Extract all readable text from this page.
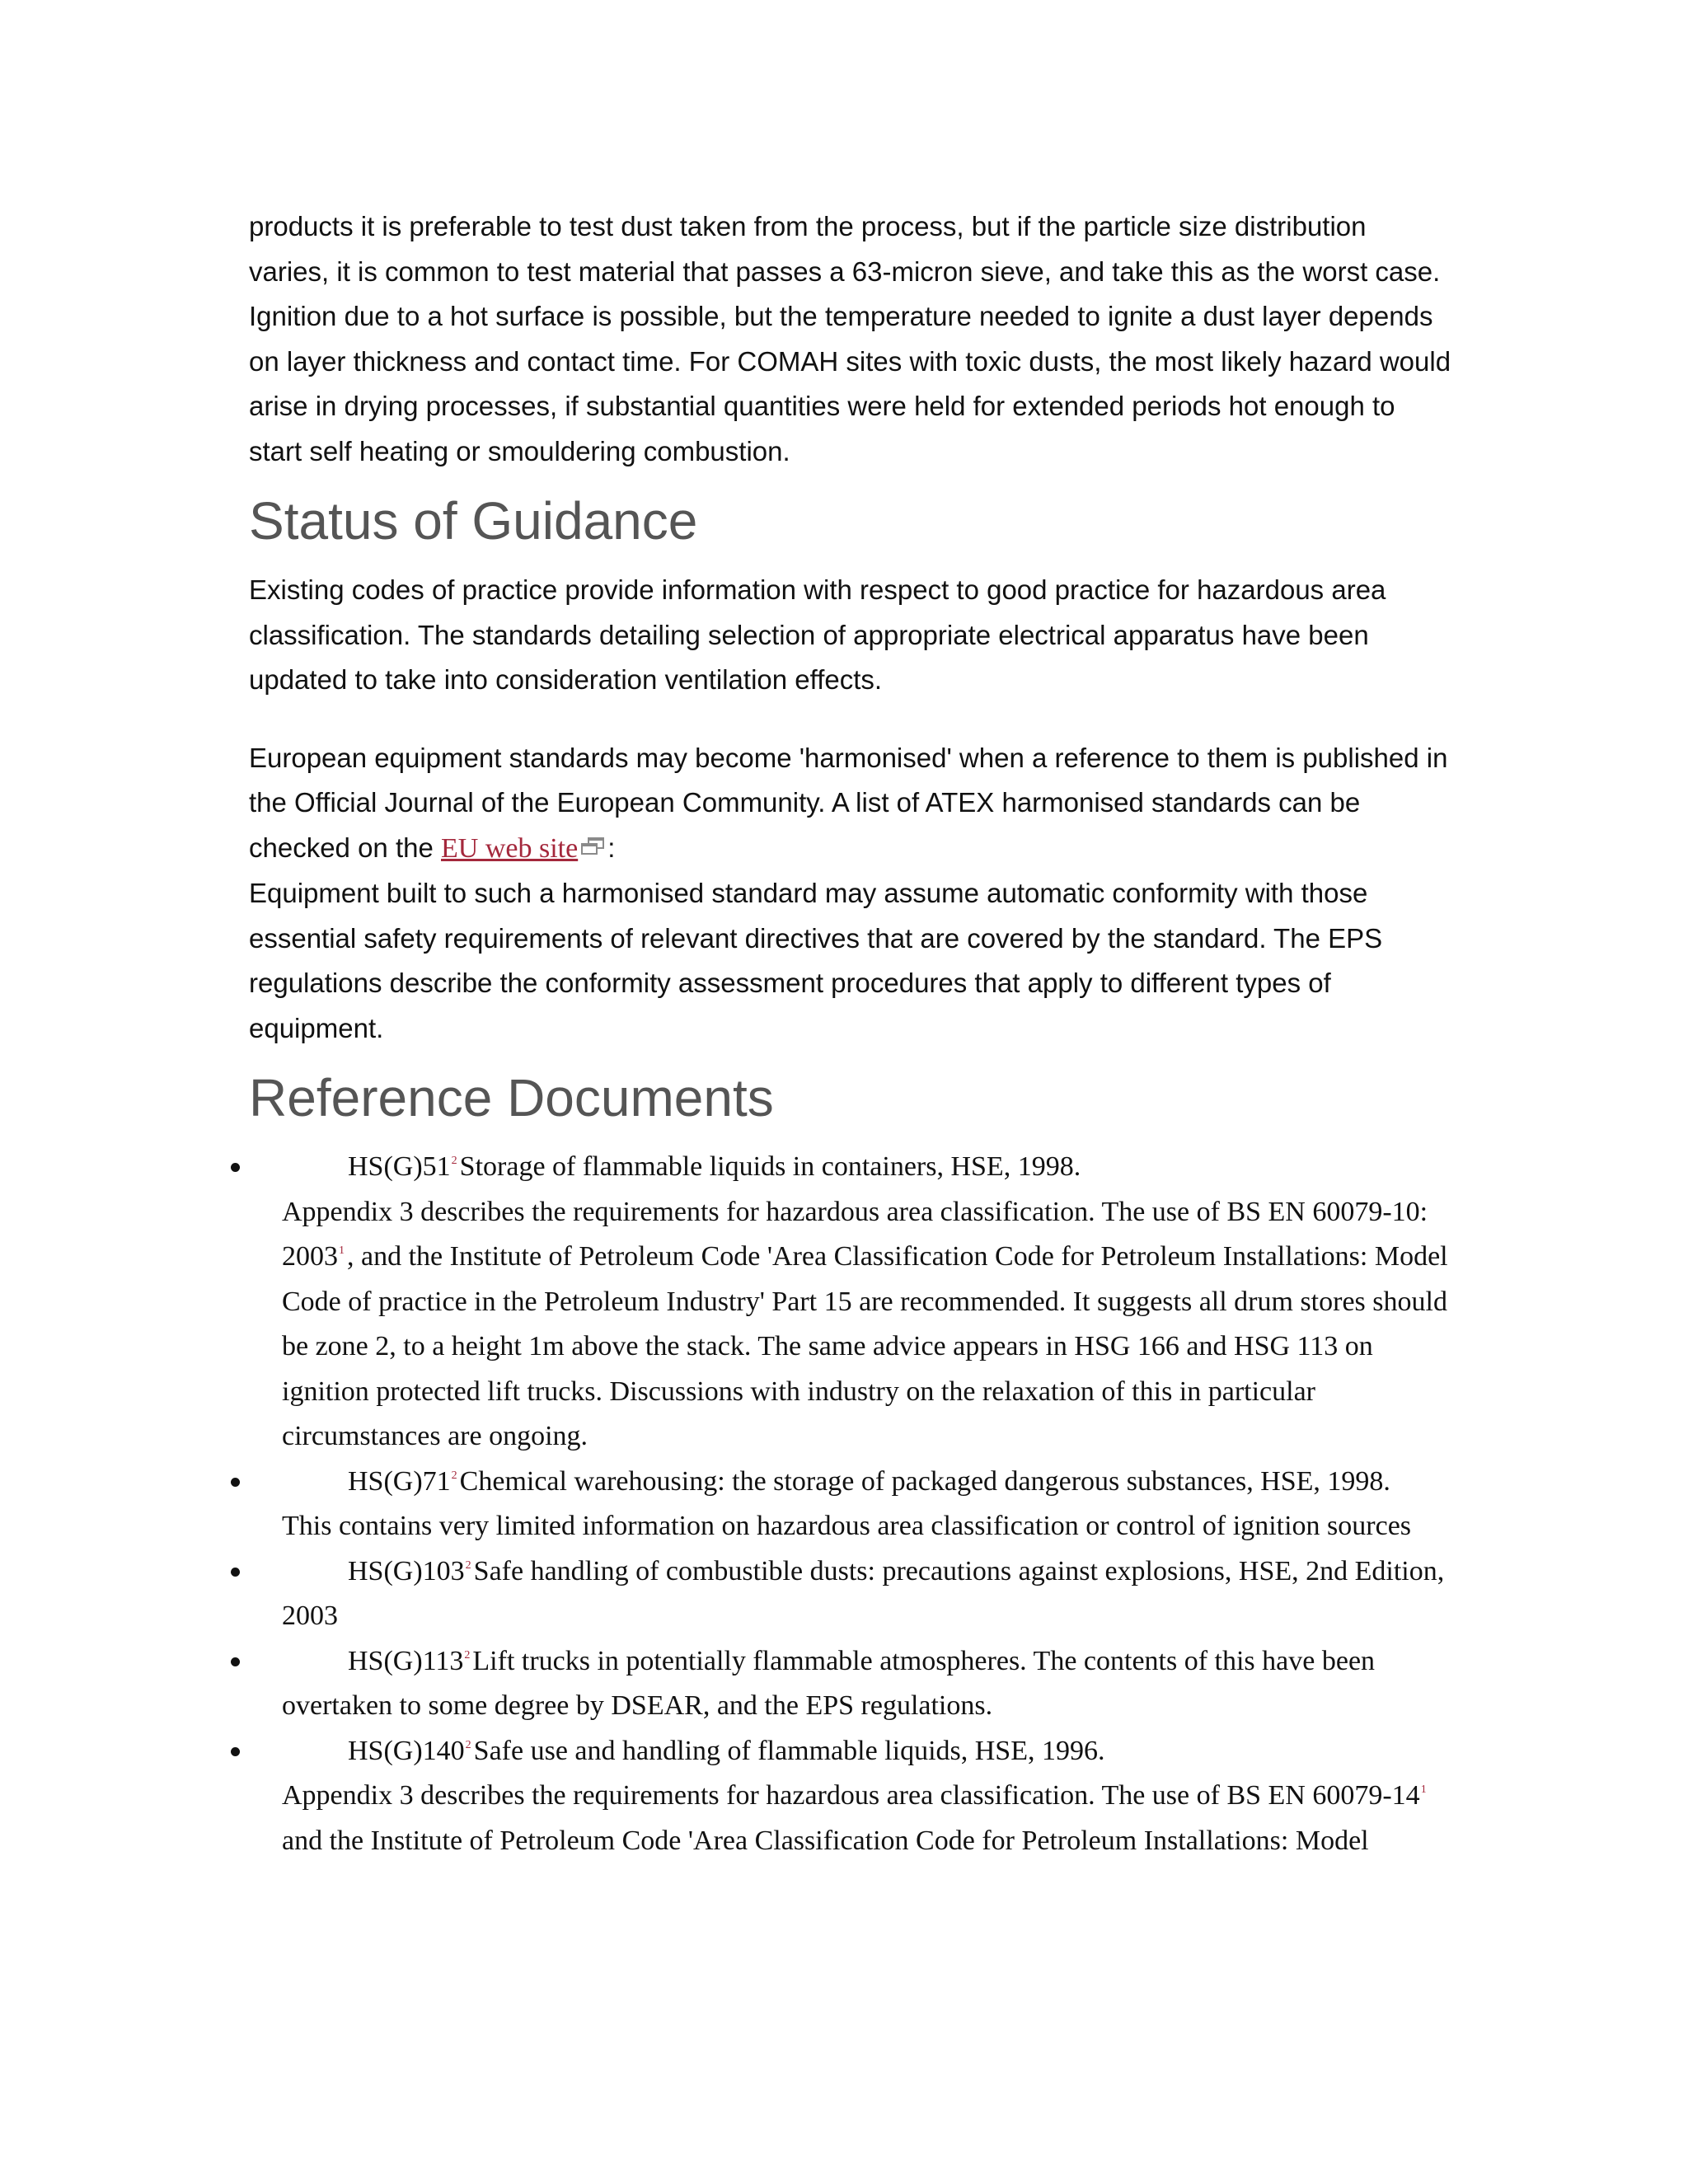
products it is preferable to test dust taken from the process, but if the particle size distribution varies, it is common to test material that passes a 63-micron sieve, and take this as the worst case.

Ignition due to a hot surface is possible, but the temperature needed to ignite a dust layer depends on layer thickness and contact time. For COMAH sites with toxic dusts, the most likely hazard would arise in drying processes, if substantial quantities were held for extended periods hot enough to start self heating or smouldering combustion.

Status of Guidance

Existing codes of practice provide information with respect to good practice for hazardous area classification. The standards detailing selection of appropriate electrical apparatus have been updated to take into consideration ventilation effects.

European equipment standards may become 'harmonised' when a reference to them is published in the Official Journal of the European Community. A list of ATEX harmonised standards can be checked on the EU web site :

Equipment built to such a harmonised standard may assume automatic conformity with those essential safety requirements of relevant directives that are covered by the standard. The EPS regulations describe the conformity assessment procedures that apply to different types of equipment.

Reference Documents
HS(G)51$^2$Storage of flammable liquids in containers, HSE, 1998.
Appendix 3 describes the requirements for hazardous area classification. The use of BS EN 60079-10: 2003$^1$, and the Institute of Petroleum Code 'Area Classification Code for Petroleum Installations: Model Code of practice in the Petroleum Industry' Part 15 are recommended. It suggests all drum stores should be zone 2, to a height 1m above the stack. The same advice appears in HSG 166 and HSG 113 on ignition protected lift trucks. Discussions with industry on the relaxation of this in particular circumstances are ongoing.
HS(G)71$^2$Chemical warehousing: the storage of packaged dangerous substances, HSE, 1998.
This contains very limited information on hazardous area classification or control of ignition sources
HS(G)103$^2$Safe handling of combustible dusts: precautions against explosions, HSE, 2nd Edition, 2003
HS(G)113$^2$Lift trucks in potentially flammable atmospheres. The contents of this have been overtaken to some degree by DSEAR, and the EPS regulations.
HS(G)140$^2$Safe use and handling of flammable liquids, HSE, 1996.
Appendix 3 describes the requirements for hazardous area classification. The use of BS EN 60079-14$^1$ and the Institute of Petroleum Code 'Area Classification Code for Petroleum Installations: Model
